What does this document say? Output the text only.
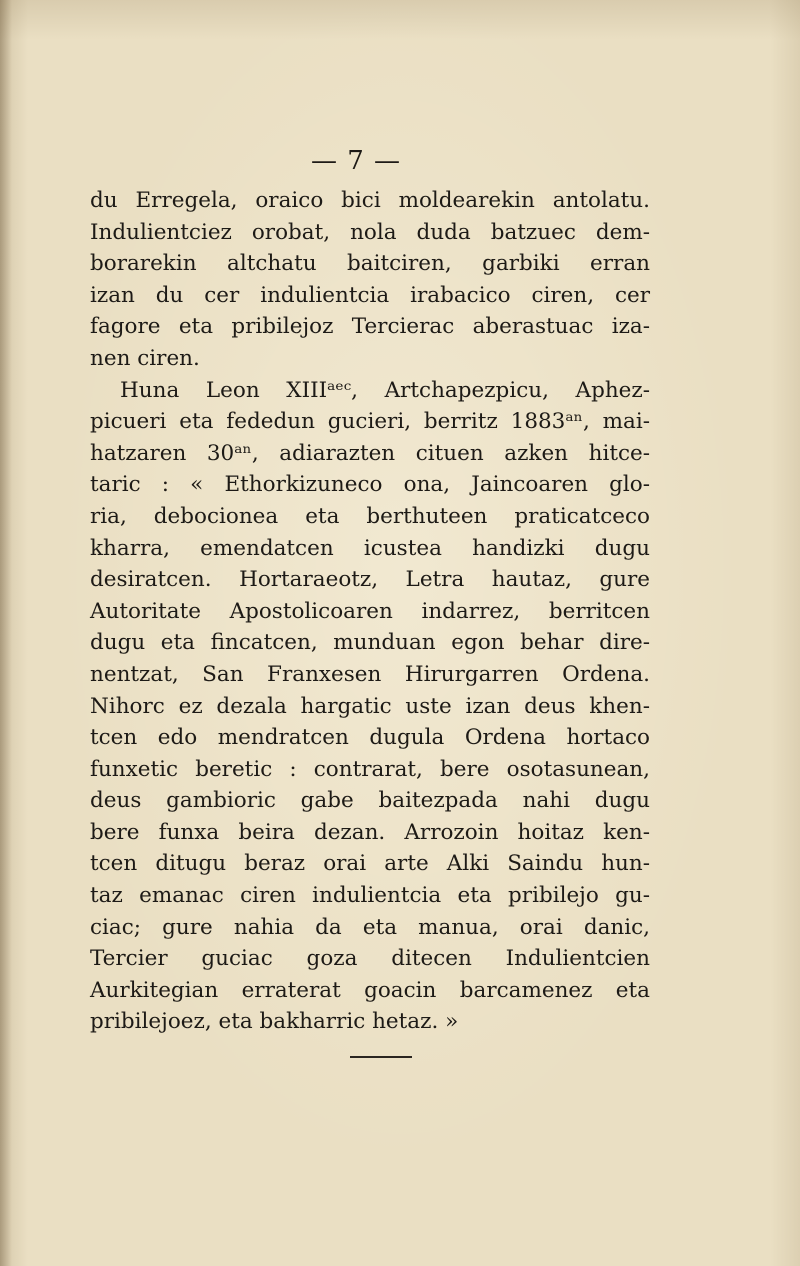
— 7 —
du Erregela, oraico bici moldearekin antolatu.
Indulientciez orobat, nola duda batzuec dem-
borarekin altchatu baitciren, garbiki erran
izan du cer indulientcia irabacico ciren, cer
fagore eta pribilejoz Tercierac aberastuac iza-
nen ciren.
Huna Leon XIIIᵃᵉᶜ, Artchapezpicu, Aphez-
picueri eta fededun gucieri, berritz 1883ᵃⁿ, mai-
hatzaren 30ᵃⁿ, adiarazten cituen azken hitce-
taric : « Ethorkizuneco ona, Jaincoaren glo-
ria, debocionea eta berthuteen praticatceco
kharra, emendatcen icustea handizki dugu
desiratcen. Hortaraeotz, Letra hautaz, gure
Autoritate Apostolicoaren indarrez, berritcen
dugu eta fincatcen, munduan egon behar dire-
nentzat, San Franxesen Hirurgarren Ordena.
Nihorc ez dezala hargatic uste izan deus khen-
tcen edo mendratcen dugula Ordena hortaco
funxetic beretic : contrarat, bere osotasunean,
deus gambioric gabe baitezpada nahi dugu
bere funxa beira dezan. Arrozoin hoitaz ken-
tcen ditugu beraz orai arte Alki Saindu hun-
taz emanac ciren indulientcia eta pribilejo gu-
ciac; gure nahia da eta manua, orai danic,
Tercier guciac goza ditecen Indulientcien
Aurkitegian erraterat goacin barcamenez eta
pribilejoez, eta bakharric hetaz. »
